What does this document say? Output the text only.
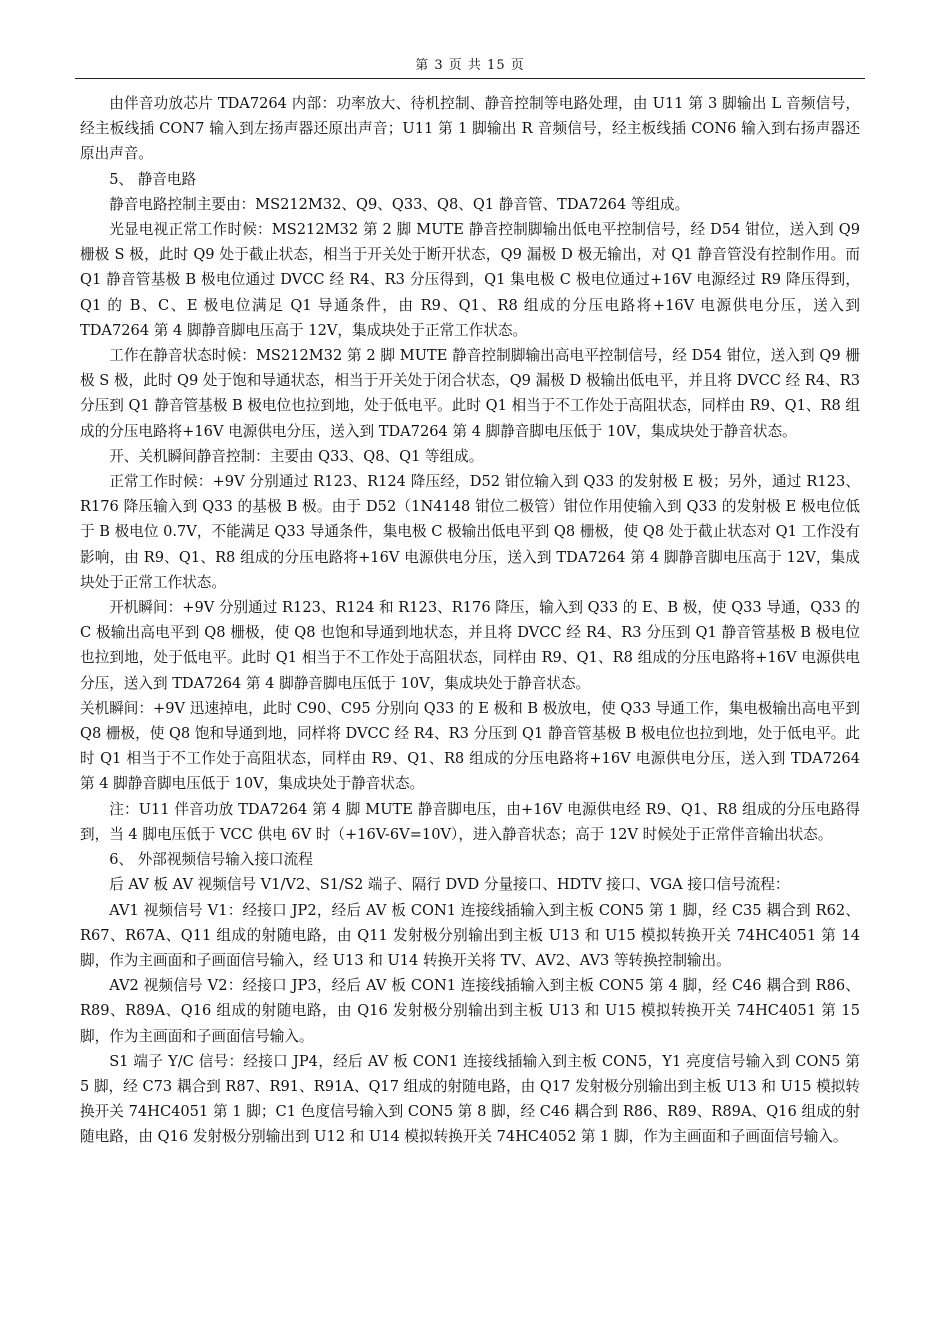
第 3 页 共 15 页

由伴音功放芯片 TDA7264 内部：功率放大、待机控制、静音控制等电路处理，由 U11 第 3 脚输出 L 音频信号，经主板线插 CON7 输入到左扬声器还原出声音；U11 第 1 脚输出 R 音频信号，经主板线插 CON6 输入到右扬声器还原出声音。

5、 静音电路

静音电路控制主要由：MS212M32、Q9、Q33、Q8、Q1 静音管、TDA7264 等组成。

光显电视正常工作时候：MS212M32 第 2 脚 MUTE 静音控制脚输出低电平控制信号，经 D54 钳位，送入到 Q9 栅极 S 极，此时 Q9 处于截止状态，相当于开关处于断开状态，Q9 漏极 D 极无输出，对 Q1 静音管没有控制作用。而 Q1 静音管基极 B 极电位通过 DVCC 经 R4、R3 分压得到，Q1 集电极 C 极电位通过+16V 电源经过 R9 降压得到，Q1 的 B、C、E 极电位满足 Q1 导通条件，由 R9、Q1、R8 组成的分压电路将+16V 电源供电分压，送入到 TDA7264 第 4 脚静音脚电压高于 12V，集成块处于正常工作状态。

工作在静音状态时候：MS212M32 第 2 脚 MUTE 静音控制脚输出高电平控制信号，经 D54 钳位，送入到 Q9 栅极 S 极，此时 Q9 处于饱和导通状态，相当于开关处于闭合状态，Q9 漏极 D 极输出低电平，并且将 DVCC 经 R4、R3 分压到 Q1 静音管基极 B 极电位也拉到地，处于低电平。此时 Q1 相当于不工作处于高阻状态，同样由 R9、Q1、R8 组成的分压电路将+16V 电源供电分压，送入到 TDA7264 第 4 脚静音脚电压低于 10V，集成块处于静音状态。

开、关机瞬间静音控制：主要由 Q33、Q8、Q1 等组成。

正常工作时候：+9V 分别通过 R123、R124 降压经，D52 钳位输入到 Q33 的发射极 E 极；另外，通过 R123、R176 降压输入到 Q33 的基极 B 极。由于 D52（1N4148 钳位二极管）钳位作用使输入到 Q33 的发射极 E 极电位低于 B 极电位 0.7V，不能满足 Q33 导通条件，集电极 C 极输出低电平到 Q8 栅极，使 Q8 处于截止状态对 Q1 工作没有影响，由 R9、Q1、R8 组成的分压电路将+16V 电源供电分压，送入到 TDA7264 第 4 脚静音脚电压高于 12V，集成块处于正常工作状态。

开机瞬间：+9V 分别通过 R123、R124 和 R123、R176 降压，输入到 Q33 的 E、B 极，使 Q33 导通，Q33 的 C 极输出高电平到 Q8 栅极，使 Q8 也饱和导通到地状态，并且将 DVCC 经 R4、R3 分压到 Q1 静音管基极 B 极电位也拉到地，处于低电平。此时 Q1 相当于不工作处于高阻状态，同样由 R9、Q1、R8 组成的分压电路将+16V 电源供电分压，送入到 TDA7264 第 4 脚静音脚电压低于 10V，集成块处于静音状态。

关机瞬间：+9V 迅速掉电，此时 C90、C95 分别向 Q33 的 E 极和 B 极放电，使 Q33 导通工作，集电极输出高电平到 Q8 栅极，使 Q8 饱和导通到地，同样将 DVCC 经 R4、R3 分压到 Q1 静音管基极 B 极电位也拉到地，处于低电平。此时 Q1 相当于不工作处于高阻状态，同样由 R9、Q1、R8 组成的分压电路将+16V 电源供电分压，送入到 TDA7264 第 4 脚静音脚电压低于 10V，集成块处于静音状态。

注：U11 伴音功放 TDA7264 第 4 脚 MUTE 静音脚电压，由+16V 电源供电经 R9、Q1、R8 组成的分压电路得到，当 4 脚电压低于 VCC 供电 6V 时（+16V-6V=10V），进入静音状态；高于 12V 时候处于正常伴音输出状态。

6、 外部视频信号输入接口流程

后 AV 板 AV 视频信号 V1/V2、S1/S2 端子、隔行 DVD 分量接口、HDTV 接口、VGA 接口信号流程：

AV1 视频信号 V1：经接口 JP2，经后 AV 板 CON1 连接线插输入到主板 CON5 第 1 脚，经 C35 耦合到 R62、R67、R67A、Q11 组成的射随电路，由 Q11 发射极分别输出到主板 U13 和 U15 模拟转换开关 74HC4051 第 14 脚，作为主画面和子画面信号输入，经 U13 和 U14 转换开关将 TV、AV2、AV3 等转换控制输出。

AV2 视频信号 V2：经接口 JP3，经后 AV 板 CON1 连接线插输入到主板 CON5 第 4 脚，经 C46 耦合到 R86、R89、R89A、Q16 组成的射随电路，由 Q16 发射极分别输出到主板 U13 和 U15 模拟转换开关 74HC4051 第 15 脚，作为主画面和子画面信号输入。

S1 端子 Y/C 信号：经接口 JP4，经后 AV 板 CON1 连接线插输入到主板 CON5，Y1 亮度信号输入到 CON5 第 5 脚，经 C73 耦合到 R87、R91、R91A、Q17 组成的射随电路，由 Q17 发射极分别输出到主板 U13 和 U15 模拟转换开关 74HC4051 第 1 脚；C1 色度信号输入到 CON5 第 8 脚，经 C46 耦合到 R86、R89、R89A、Q16 组成的射随电路，由 Q16 发射极分别输出到 U12 和 U14 模拟转换开关 74HC4052 第 1 脚，作为主画面和子画面信号输入。
